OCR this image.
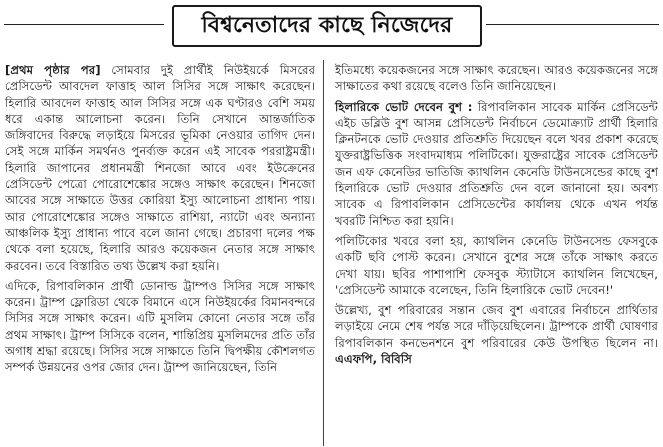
বিশ্বনেতাদের কাছে নিজেদের

[প্রথম পৃষ্ঠার পর] সোমবার দুই প্রার্থীই নিউইয়র্কে মিসরের প্রেসিডেন্ট আবদেল ফাত্তাহ আল সিসির সঙ্গে সাক্ষাৎ করেছেন। হিলারি আবদেল ফাত্তাহ আল সিসির সঙ্গে এক ঘণ্টারও বেশি সময় ধরে একান্ত আলোচনা করেন। তিনি সেখানে আন্তর্জাতিক জঙ্গিবাদের বিরুদ্ধে লড়াইয়ে মিসরের ভূমিকা নেওয়ার তাগিদ দেন। সেই সঙ্গে মার্কিন সমর্থনও পুনর্ব্যক্ত করেন এই সাবেক পররাষ্ট্রমন্ত্রী। হিলারি জাপানের প্রধানমন্ত্রী শিনজো আবে এবং ইউক্রেনের প্রেসিডেন্ট পেত্রো পোরোশেঙ্কোর সঙ্গেও সাক্ষাৎ করেছেন। শিনজো আবের সঙ্গে সাক্ষাতে উত্তর কোরিয়া ইস্যু আলোচনা প্রাধান্য পায়। আর পোরোশেঙ্কোর সঙ্গেও সাক্ষাতে রাশিয়া, ন্যাটো এবং অন্যান্য আঞ্চলিক ইস্যু প্রাধান্য পাবে বলে জানা গেছে। প্রচারণা দলের পক্ষ থেকে বলা হয়েছে, হিলারি আরও কয়েকজন নেতার সঙ্গে সাক্ষাৎ করবেন। তবে বিস্তারিত তথ্য উল্লেখ করা হয়নি।

এদিকে, রিপাবলিকান প্রার্থী ডোনাল্ড ট্রাম্পও সিসির সঙ্গে সাক্ষাৎ করেন। ট্রাম্প ফ্লোরিডা থেকে বিমানে এসে নিউইয়র্কের বিমানবন্দরে সিসির সঙ্গে সাক্ষাৎ করেন। এটি মুসলিম কোনো নেতার সঙ্গে তাঁর প্রথম সাক্ষাৎ। ট্রাম্প সিসিকে বলেন, শান্তিপ্রিয় মুসলিমদের প্রতি তাঁর অগাধ শ্রদ্ধা রয়েছে। সিসির সঙ্গে সাক্ষাতে তিনি দ্বিপক্ষীয় কৌশলগত সম্পর্ক উন্নয়নের ওপর জোর দেন। ট্রাম্প জানিয়েছেন, তিনি

ইতিমধ্যে কয়েকজনের সঙ্গে সাক্ষাৎ করেছেন। আরও কয়েকজনের সঙ্গে সাক্ষাতের কথা রয়েছে বলেও তিনি জানিয়েছেন।

হিলারিকে ভোট দেবেন বুশ : রিপাবলিকান সাবেক মার্কিন প্রেসিডেন্ট এইচ ডব্লিউ বুশ আসন্ন প্রেসিডেন্ট নির্বাচনে ডেমোক্র্যাট প্রার্থী হিলারি ক্লিনটনকে ভোট দেওয়ার প্রতিশ্রুতি দিয়েছেন বলে খবর প্রকাশ করেছে যুক্তরাষ্ট্রভিত্তিক সংবাদমাধ্যম পলিটিকো। যুক্তরাষ্ট্রের সাবেক প্রেসিডেন্ট জন এফ কেনেডির ভাতিজি ক্যাথলিন কেনেডি টাউনসেন্ডের কাছে বুশ হিলারিকে ভোট দেওয়ার প্রতিশ্রুতি দেন বলে জানানো হয়। অবশ্য সাবেক এ রিপাবলিকান প্রেসিডেন্টের কার্যালয় থেকে এখন পর্যন্ত খবরটি নিশ্চিত করা হয়নি।

পলিটিকোর খবরে বলা হয়, ক্যাথলিন কেনেডি টাউনসেন্ড ফেসবুকে একটি ছবি পোস্ট করেন। সেখানে বুশের সঙ্গে তাঁকে সাক্ষাৎ করতে দেখা যায়। ছবির পাশাপাশি ফেসবুক স্ট্যাটাসে ক্যাথলিন লিখেছেন, 'প্রেসিডেন্ট আমাকে বলেছেন, তিনি হিলারিকে ভোট দেবেন!'

উল্লেখ্য, বুশ পরিবারের সন্তান জেব বুশ এবারের নির্বাচনে প্রার্থিতার লড়াইয়ে নেমে শেষ পর্যন্ত সরে দাঁড়িয়েছিলেন। ট্রাম্পকে প্রার্থী ঘোষণার রিপাবলিকান কনভেনশনে বুশ পরিবারের কেউ উপস্থিত ছিলেন না। এএফপি, বিবিসি
